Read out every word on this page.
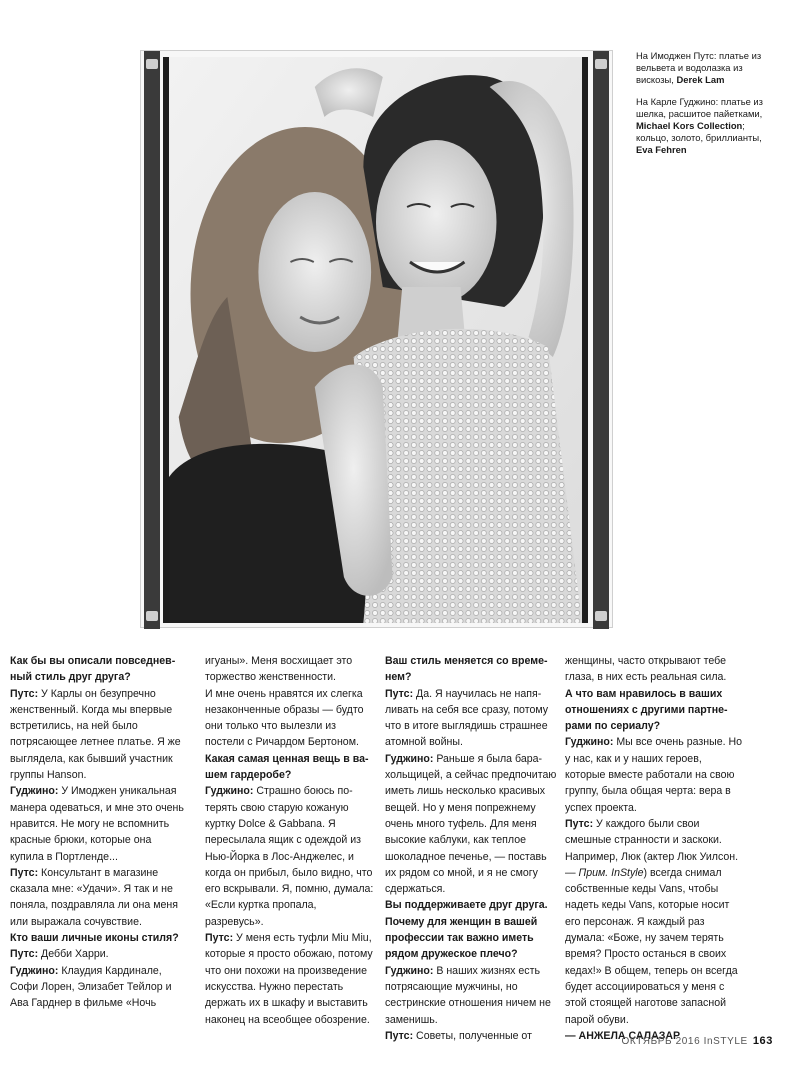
На Имоджен Путс: платье из вельвета и водолазка из вискозы, Derek Lam

На Карле Гуджино: платье из шелка, расшитое пайетками, Michael Kors Collection; кольцо, золото, бриллианты, Eva Fehren

Как бы вы описали повседневный стиль друг друга?

Путс: У Карлы он безупречно женственный. Когда мы впервые встретились, на ней было потрясающее летнее платье. Я же выглядела, как бывший участник группы Hanson.

Гуджино: У Имоджен уникальная манера одеваться, и мне это очень нравится. Не могу не вспомнить красные брюки, которые она купила в Портленде...

Путс: Консультант в магазине сказала мне: «Удачи». Я так и не поняла, поздравляла ли она меня или выражала сочувствие.

Кто ваши личные иконы стиля?

Путс: Дебби Харри.

Гуджино: Клаудия Кардинале, Софи Лорен, Элизабет Тейлор и Ава Гарднер в фильме «Ночь

игуаны». Меня восхищает это торжество женственности.

И мне очень нравятся их слегка незаконченные образы — будто они только что вылезли из постели с Ричардом Бертоном.

Какая самая ценная вещь в вашем гардеробе?

Гуджино: Страшно боюсь потерять свою старую кожаную куртку Dolce & Gabbana. Я пересылала ящик с одеждой из Нью-Йорка в Лос-Анджелес, и когда он прибыл, было видно, что его вскрывали. Я, помню, думала: «Если куртка пропала, разревусь».

Путс: У меня есть туфли Miu Miu, которые я просто обожаю, потому что они похожи на произведение искусства. Нужно перестать держать их в шкафу и выставить наконец на всеобщее обозрение.

Ваш стиль меняется со временем?

Путс: Да. Я научилась не напяливать на себя все сразу, потому что в итоге выглядишь страшнее атомной войны.

Гуджино: Раньше я была барахольщицей, а сейчас предпочитаю иметь лишь несколько красивых вещей. Но у меня попрежнему очень много туфель. Для меня высокие каблуки, как теплое шоколадное печенье, — поставь их рядом со мной, и я не смогу сдержаться.

Вы поддерживаете друг друга. Почему для женщин в вашей профессии так важно иметь рядом дружеское плечо?

Гуджино: В наших жизнях есть потрясающие мужчины, но сестринские отношения ничем не заменишь.

Путс: Советы, полученные от

женщины, часто открывают тебе глаза, в них есть реальная сила.

А что вам нравилось в ваших отношениях с другими партнерами по сериалу?

Гуджино: Мы все очень разные. Но у нас, как и у наших героев, которые вместе работали на свою группу, была общая черта: вера в успех проекта.

Путс: У каждого были свои смешные странности и заскоки. Например, Люк (актер Люк Уилсон. — Прим. InStyle) всегда снимал собственные кеды Vans, чтобы надеть кеды Vans, которые носит его персонаж. Я каждый раз думала: «Боже, ну зачем терять время? Просто останься в своих кедах!» В общем, теперь он всегда будет ассоциироваться у меня с этой стоящей наготове запасной парой обуви.

— АНЖЕЛА САЛАЗАР

ОКТЯБРЬ 2016 InSTYLE 163
